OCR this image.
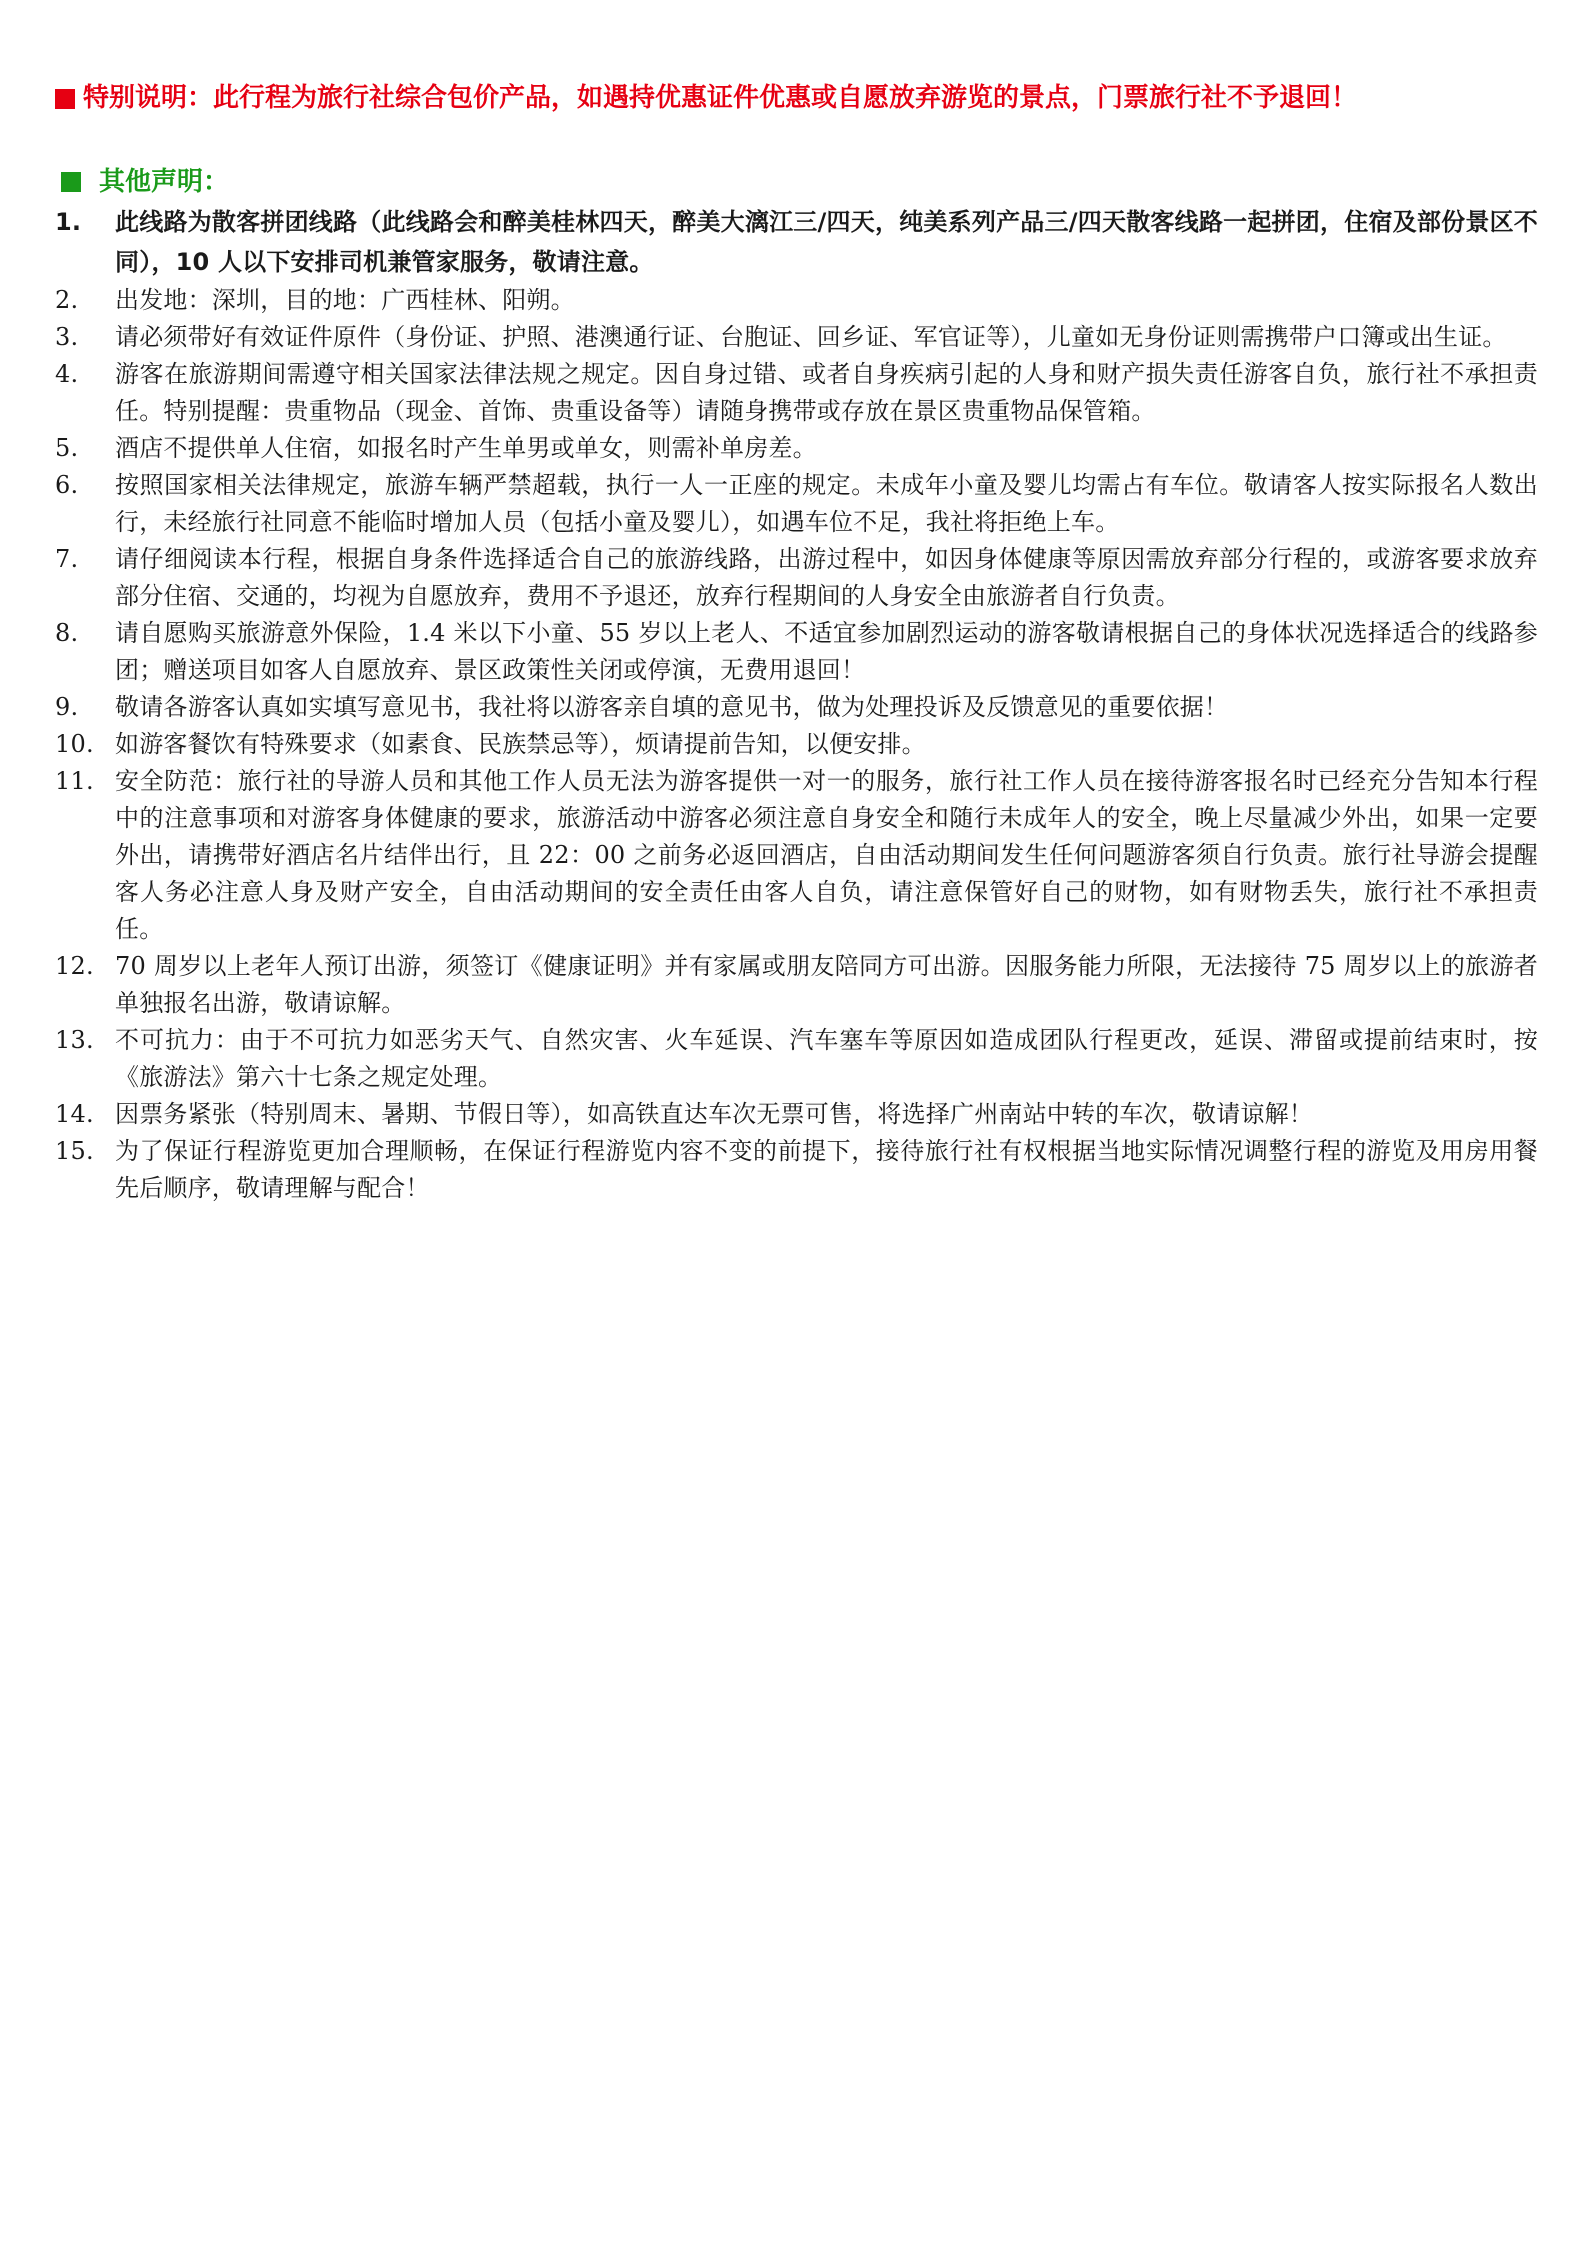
特别说明：此行程为旅行社综合包价产品，如遇持优惠证件优惠或自愿放弃游览的景点，门票旅行社不予退回！
其他声明：
1.	此线路为散客拼团线路（此线路会和醉美桂林四天，醉美大漓江三/四天，纯美系列产品三/四天散客线路一起拼团，住宿及部份景区不同），10 人以下安排司机兼管家服务，敬请注意。
2.	出发地：深圳，目的地：广西桂林、阳朔。
3.	请必须带好有效证件原件（身份证、护照、港澳通行证、台胞证、回乡证、军官证等），儿童如无身份证则需携带户口簿或出生证。
4.	游客在旅游期间需遵守相关国家法律法规之规定。因自身过错、或者自身疾病引起的人身和财产损失责任游客自负，旅行社不承担责任。特别提醒：贵重物品（现金、首饰、贵重设备等）请随身携带或存放在景区贵重物品保管箱。
5.	酒店不提供单人住宿，如报名时产生单男或单女，则需补单房差。
6.	按照国家相关法律规定，旅游车辆严禁超载，执行一人一正座的规定。未成年小童及婴儿均需占有车位。敬请客人按实际报名人数出行，未经旅行社同意不能临时增加人员（包括小童及婴儿），如遇车位不足，我社将拒绝上车。
7.	请仔细阅读本行程，根据自身条件选择适合自己的旅游线路，出游过程中，如因身体健康等原因需放弃部分行程的，或游客要求放弃部分住宿、交通的，均视为自愿放弃，费用不予退还，放弃行程期间的人身安全由旅游者自行负责。
8.	请自愿购买旅游意外保险，1.4 米以下小童、55 岁以上老人、不适宜参加剧烈运动的游客敬请根据自己的身体状况选择适合的线路参团；赠送项目如客人自愿放弃、景区政策性关闭或停演，无费用退回！
9.	敬请各游客认真如实填写意见书，我社将以游客亲自填的意见书，做为处理投诉及反馈意见的重要依据！
10. 如游客餐饮有特殊要求（如素食、民族禁忌等），烦请提前告知，以便安排。
11. 安全防范：旅行社的导游人员和其他工作人员无法为游客提供一对一的服务，旅行社工作人员在接待游客报名时已经充分告知本行程中的注意事项和对游客身体健康的要求，旅游活动中游客必须注意自身安全和随行未成年人的安全，晚上尽量减少外出，如果一定要外出，请携带好酒店名片结伴出行，且 22：00 之前务必返回酒店，自由活动期间发生任何问题游客须自行负责。旅行社导游会提醒客人务必注意人身及财产安全，自由活动期间的安全责任由客人自负，请注意保管好自己的财物，如有财物丢失，旅行社不承担责任。
12. 70 周岁以上老年人预订出游，须签订《健康证明》并有家属或朋友陪同方可出游。因服务能力所限，无法接待 75 周岁以上的旅游者单独报名出游，敬请谅解。
13. 不可抗力：由于不可抗力如恶劣天气、自然灾害、火车延误、汽车塞车等原因如造成团队行程更改，延误、滞留或提前结束时，按《旅游法》第六十七条之规定处理。
14. 因票务紧张（特别周末、暑期、节假日等），如高铁直达车次无票可售，将选择广州南站中转的车次，敬请谅解！
15. 为了保证行程游览更加合理顺畅，在保证行程游览内容不变的前提下，接待旅行社有权根据当地实际情况调整行程的游览及用房用餐先后顺序，敬请理解与配合！
